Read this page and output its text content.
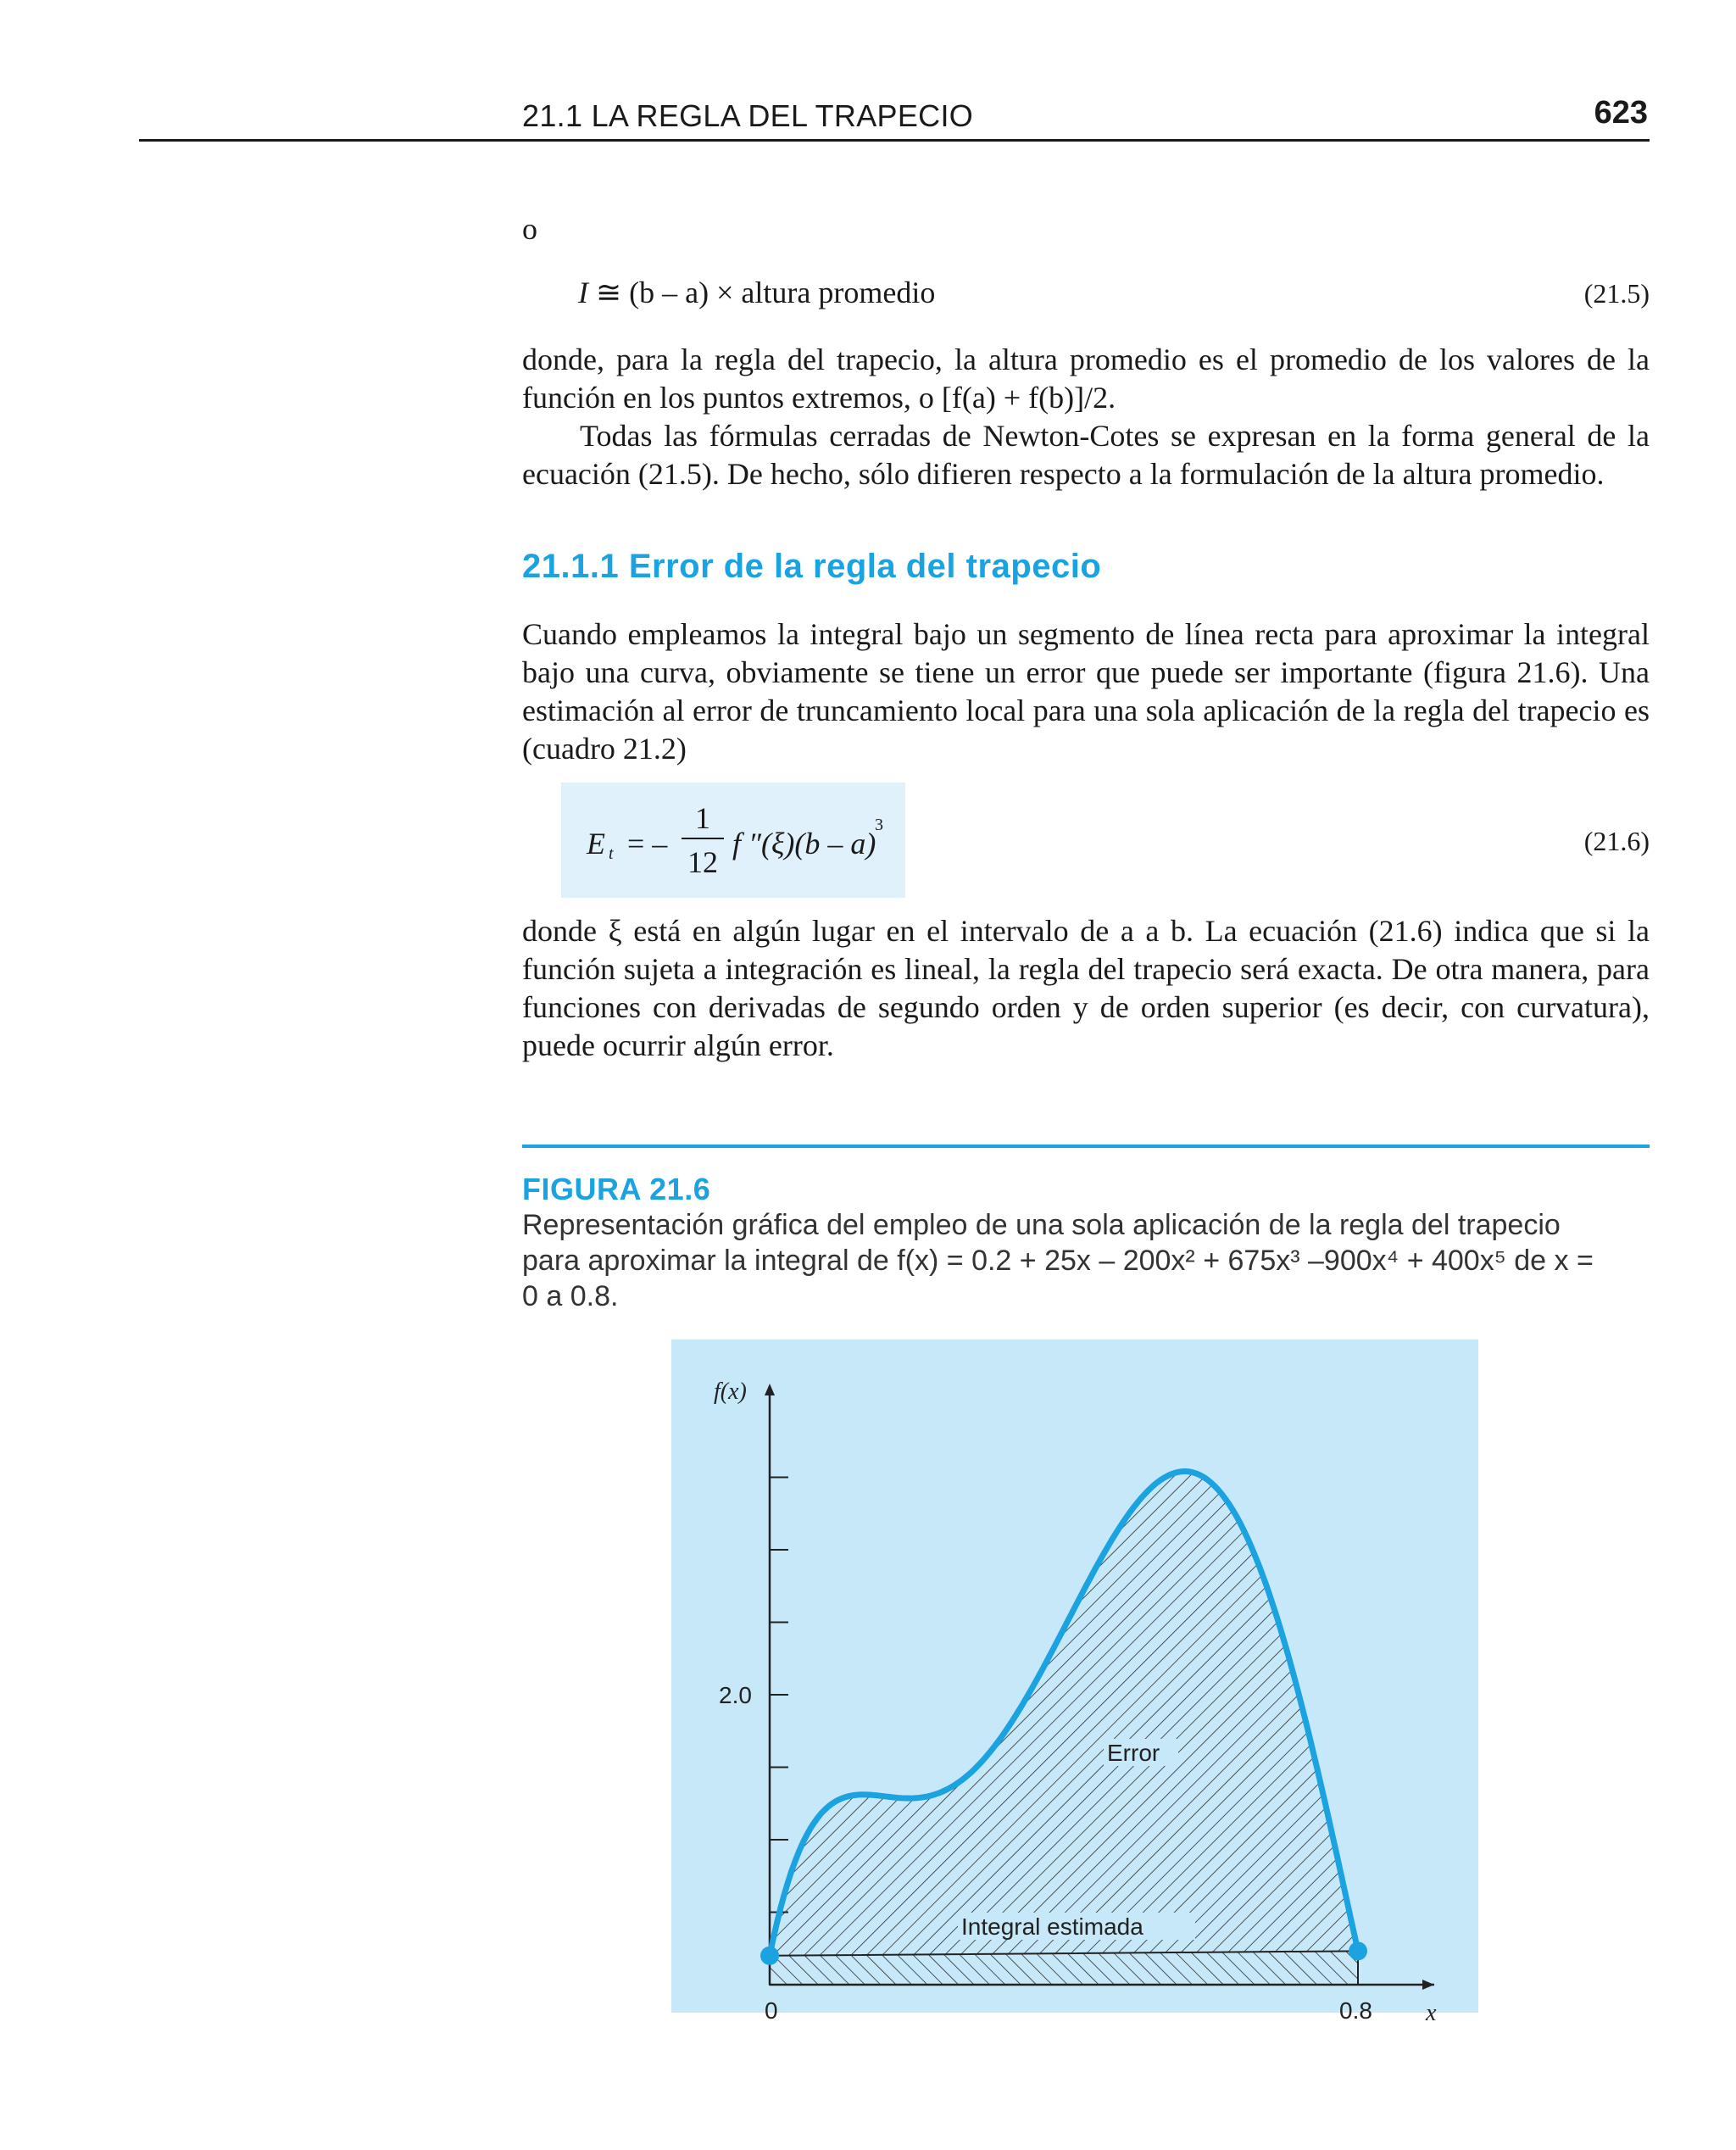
21.1 LA REGLA DEL TRAPECIO	623
o
I ≅ (b – a) × altura promedio	(21.5)

donde, para la regla del trapecio, la altura promedio es el promedio de los valores de la función en los puntos extremos, o [f(a) + f(b)]/2.

Todas las fórmulas cerradas de Newton-Cotes se expresan en la forma general de la ecuación (21.5). De hecho, sólo difieren respecto a la formulación de la altura promedio.

21.1.1 Error de la regla del trapecio

Cuando empleamos la integral bajo un segmento de línea recta para aproximar la integral bajo una curva, obviamente se tiene un error que puede ser importante (figura 21.6). Una estimación al error de truncamiento local para una sola aplicación de la regla del trapecio es (cuadro 21.2)

E t = –
1
12
f ″(ξ)(b – a)
3
(21.6)

donde ξ está en algún lugar en el intervalo de a a b. La ecuación (21.6) indica que si la función sujeta a integración es lineal, la regla del trapecio será exacta. De otra manera, para funciones con derivadas de segundo orden y de orden superior (es decir, con curvatura), puede ocurrir algún error.

FIGURA 21.6
Representación gráfica del empleo de una sola aplicación de la regla del trapecio para aproximar la integral de f(x) = 0.2 + 25x – 200x² + 675x³ –900x⁴ + 400x⁵ de x = 0 a 0.8.
0	0.8
2.0
x
f(x)
Error
Integral estimada
